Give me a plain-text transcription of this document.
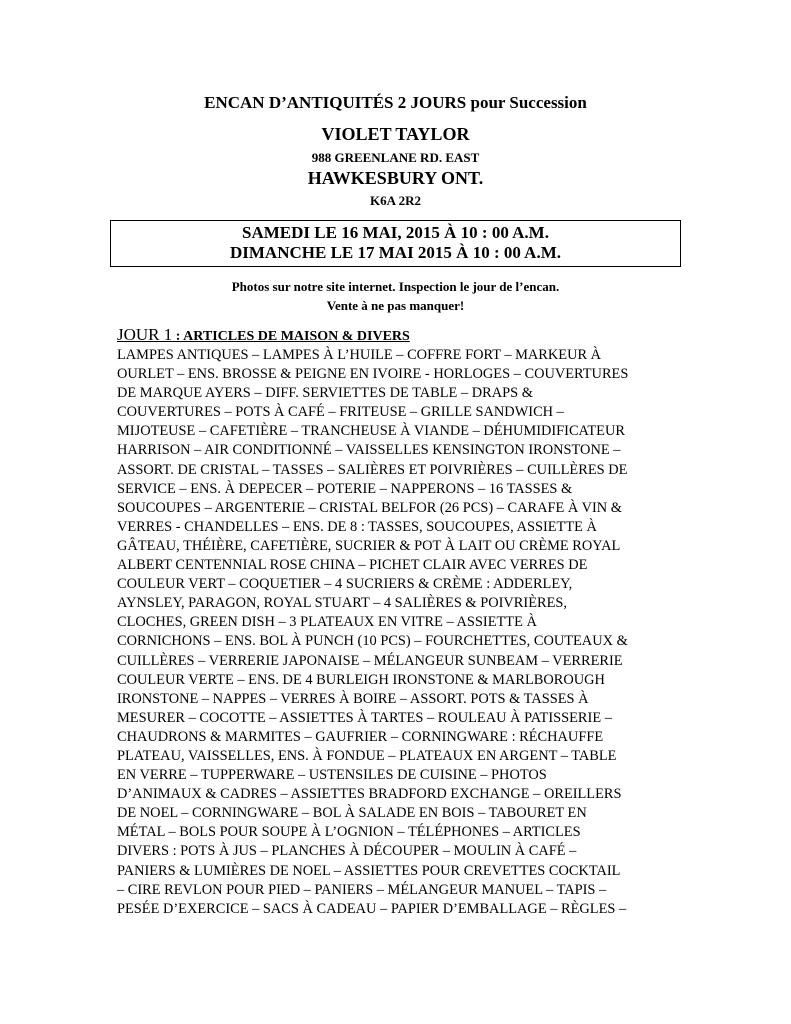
ENCAN D’ANTIQUITÉS 2 JOURS pour Succession
VIOLET TAYLOR
988 GREENLANE RD. EAST
HAWKESBURY ONT.
K6A 2R2
SAMEDI LE 16 MAI, 2015 À 10 : 00 A.M.
DIMANCHE LE 17 MAI 2015 À 10 : 00 A.M.
Photos sur notre site internet. Inspection le jour de l’encan.
Vente à ne pas manquer!
JOUR 1 : ARTICLES DE MAISON & DIVERS
LAMPES ANTIQUES – LAMPES À L’HUILE – COFFRE FORT – MARKEUR À
OURLET – ENS. BROSSE & PEIGNE EN IVOIRE - HORLOGES – COUVERTURES
DE MARQUE AYERS – DIFF. SERVIETTES DE TABLE – DRAPS &
COUVERTURES – POTS À CAFÉ – FRITEUSE – GRILLE SANDWICH –
MIJOTEUSE – CAFETIÈRE – TRANCHEUSE À VIANDE – DÉHUMIDIFICATEUR
HARRISON – AIR CONDITIONNÉ – VAISSELLES KENSINGTON IRONSTONE –
ASSORT. DE CRISTAL – TASSES – SALIÈRES ET POIVRIÈRES – CUILLÈRES DE
SERVICE – ENS. À DEPECER – POTERIE – NAPPERONS – 16 TASSES &
SOUCOUPES – ARGENTERIE – CRISTAL BELFOR (26 PCS) – CARAFE À VIN &
VERRES - CHANDELLES – ENS. DE 8 : TASSES, SOUCOUPES, ASSIETTE À
GÂTEAU, THÉIÈRE, CAFETIÈRE, SUCRIER & POT À LAIT OU CRÈME ROYAL
ALBERT CENTENNIAL ROSE CHINA – PICHET CLAIR AVEC VERRES DE
COULEUR VERT – COQUETIER – 4 SUCRIERS & CRÈME : ADDERLEY,
AYNSLEY, PARAGON, ROYAL STUART – 4 SALIÈRES & POIVRIÈRES,
CLOCHES, GREEN DISH – 3 PLATEAUX EN VITRE – ASSIETTE À
CORNICHONS – ENS. BOL À PUNCH (10 PCS) – FOURCHETTES, COUTEAUX &
CUILLÈRES – VERRERIE JAPONAISE – MÉLANGEUR SUNBEAM – VERRERIE
COULEUR VERTE – ENS. DE 4 BURLEIGH IRONSTONE & MARLBOROUGH
IRONSTONE – NAPPES – VERRES À BOIRE – ASSORT. POTS & TASSES À
MESURER – COCOTTE – ASSIETTES À TARTES – ROULEAU À PATISSERIE –
CHAUDRONS & MARMITES – GAUFRIER – CORNINGWARE : RÉCHAUFFE
PLATEAU, VAISSELLES, ENS. À FONDUE – PLATEAUX EN ARGENT – TABLE
EN VERRE – TUPPERWARE – USTENSILES DE CUISINE – PHOTOS
D’ANIMAUX & CADRES – ASSIETTES BRADFORD EXCHANGE – OREILLERS
DE NOEL – CORNINGWARE – BOL À SALADE EN BOIS – TABOURET EN
MÉTAL – BOLS POUR SOUPE À L’OGNION – TÉLÉPHONES – ARTICLES
DIVERS : POTS À JUS – PLANCHES À DÉCOUPER – MOULIN À CAFÉ –
PANIERS & LUMIÈRES DE NOEL – ASSIETTES POUR CREVETTES COCKTAIL
– CIRE REVLON POUR PIED – PANIERS – MÉLANGEUR MANUEL – TAPIS –
PESÉE D’EXERCICE – SACS À CADEAU – PAPIER D’EMBALLAGE – RÈGLES –
